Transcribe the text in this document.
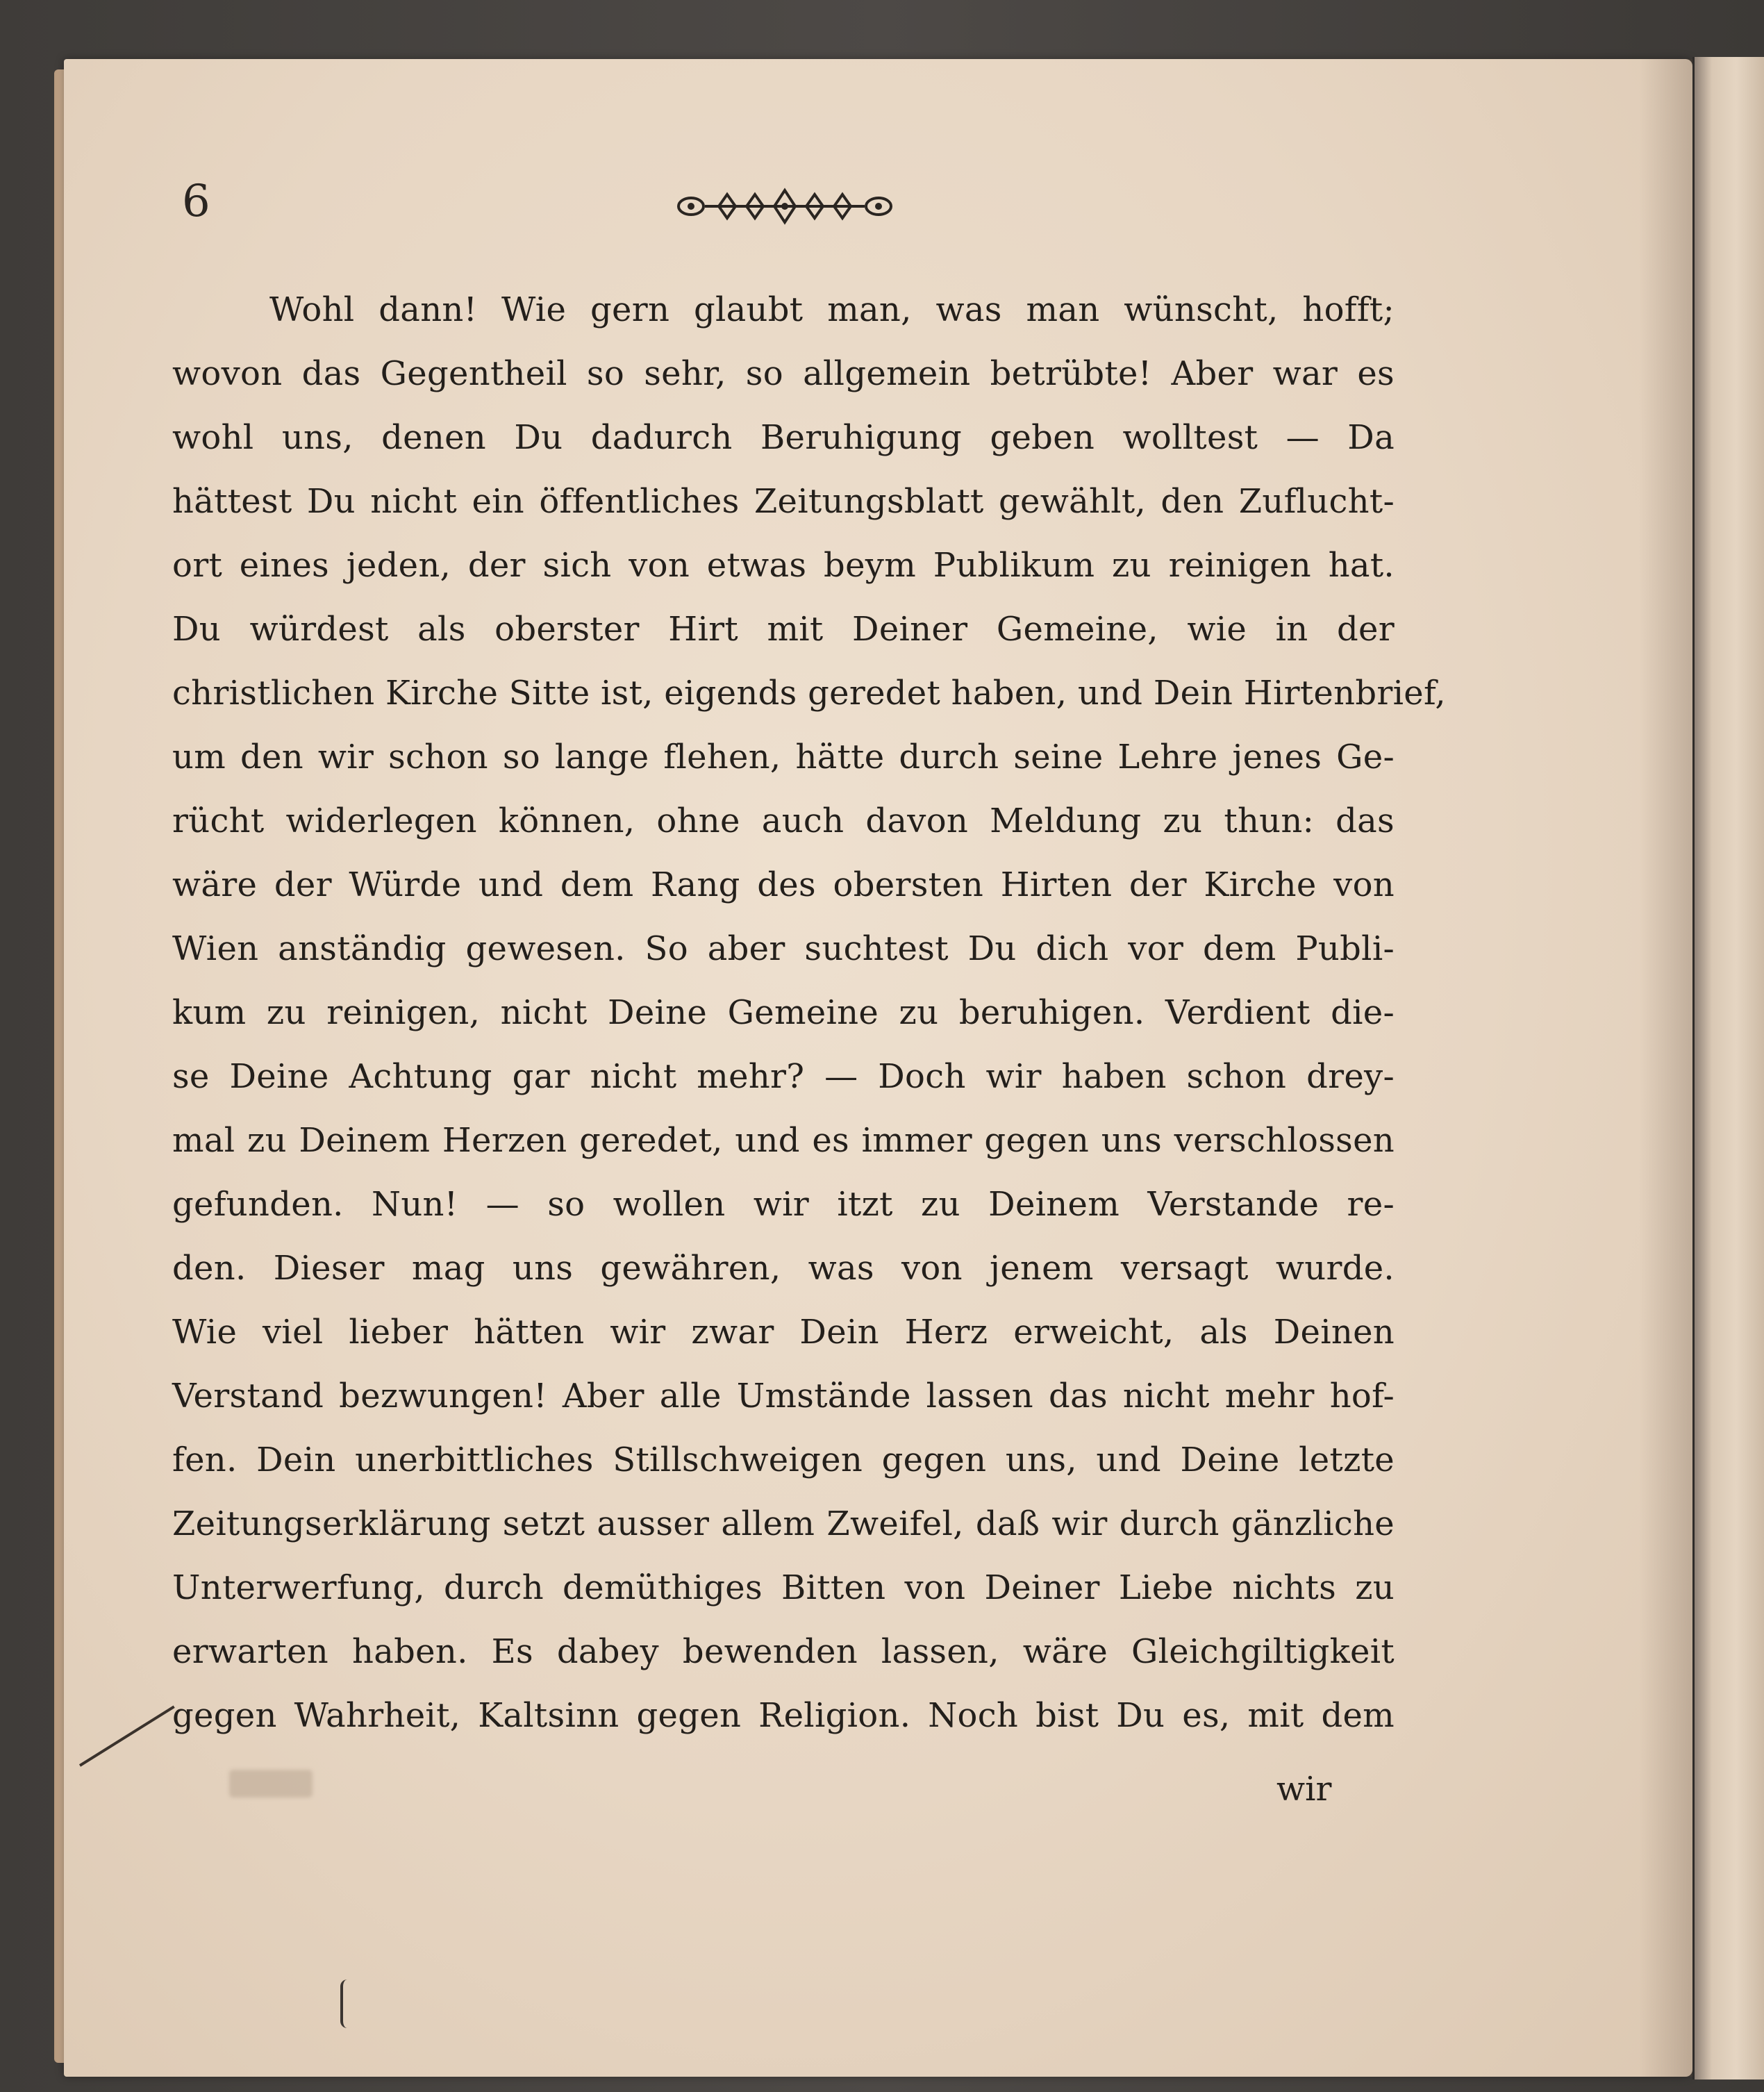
6
Wohl dann! Wie gern glaubt man, was man wünscht, hofft;
wovon das Gegentheil so sehr, so allgemein betrübte! Aber war es
wohl uns, denen Du dadurch Beruhigung geben wolltest — Da
hättest Du nicht ein öffentliches Zeitungsblatt gewählt, den Zuflucht-
ort eines jeden, der sich von etwas beym Publikum zu reinigen hat.
Du würdest als oberster Hirt mit Deiner Gemeine, wie in der
christlichen Kirche Sitte ist, eigends geredet haben, und Dein Hirtenbrief,
um den wir schon so lange flehen, hätte durch seine Lehre jenes Ge-
rücht widerlegen können, ohne auch davon Meldung zu thun: das
wäre der Würde und dem Rang des obersten Hirten der Kirche von
Wien anständig gewesen. So aber suchtest Du dich vor dem Publi-
kum zu reinigen, nicht Deine Gemeine zu beruhigen. Verdient die-
se Deine Achtung gar nicht mehr? — Doch wir haben schon drey-
mal zu Deinem Herzen geredet, und es immer gegen uns verschlossen
gefunden. Nun! — so wollen wir itzt zu Deinem Verstande re-
den. Dieser mag uns gewähren, was von jenem versagt wurde.
Wie viel lieber hätten wir zwar Dein Herz erweicht, als Deinen
Verstand bezwungen! Aber alle Umstände lassen das nicht mehr hof-
fen. Dein unerbittliches Stillschweigen gegen uns, und Deine letzte
Zeitungserklärung setzt ausser allem Zweifel, daß wir durch gänzliche
Unterwerfung, durch demüthiges Bitten von Deiner Liebe nichts zu
erwarten haben. Es dabey bewenden lassen, wäre Gleichgiltigkeit
gegen Wahrheit, Kaltsinn gegen Religion. Noch bist Du es, mit dem
wir
